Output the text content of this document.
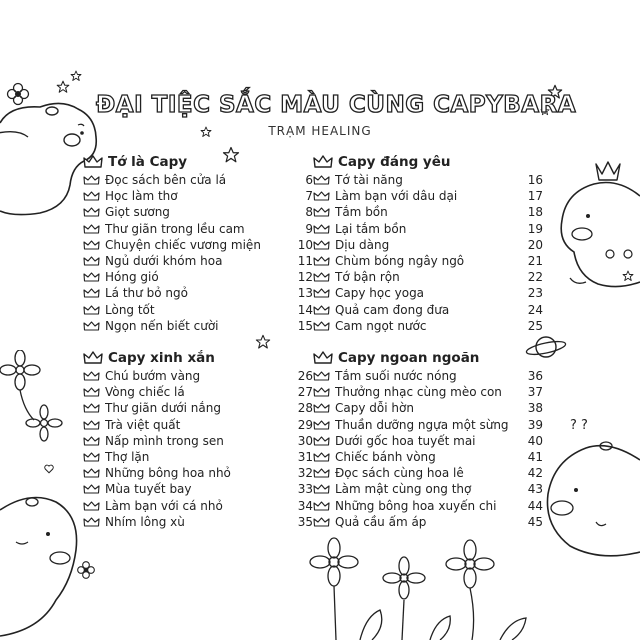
? ?
ĐẠI TIỆC SẮC MÀU CÙNG CAPYBARA
TRẠM HEALING
Tớ là Capy
Đọc sách bên cửa lá	6
Học làm thơ	7
Giọt sương	8
Thư giãn trong lều cam	9
Chuyện chiếc vương miện	10
Ngủ dưới khóm hoa	11
Hóng gió	12
Lá thư bỏ ngỏ	13
Lòng tốt	14
Ngọn nến biết cười	15
Capy đáng yêu
Tớ tài năng	16
Làm bạn với dâu dại	17
Tắm bồn	18
Lại tắm bồn	19
Dịu dàng	20
Chùm bóng ngây ngô	21
Tớ bận rộn	22
Capy học yoga	23
Quả cam đong đưa	24
Cam ngọt nước	25
Capy xinh xắn
Chú bướm vàng	26
Vòng chiếc lá	27
Thư giãn dưới nắng	28
Trà việt quất	29
Nấp mình trong sen	30
Thợ lặn	31
Những bông hoa nhỏ	32
Mùa tuyết bay	33
Làm bạn với cá nhỏ	34
Nhím lông xù	35
Capy ngoan ngoãn
Tắm suối nước nóng	36
Thưởng nhạc cùng mèo con	37
Capy dỗi hờn	38
Thuần dưỡng ngựa một sừng	39
Dưới gốc hoa tuyết mai	40
Chiếc bánh vòng	41
Đọc sách cùng hoa lê	42
Làm mật cùng ong thợ	43
Những bông hoa xuyến chi	44
Quả cầu ấm áp	45
